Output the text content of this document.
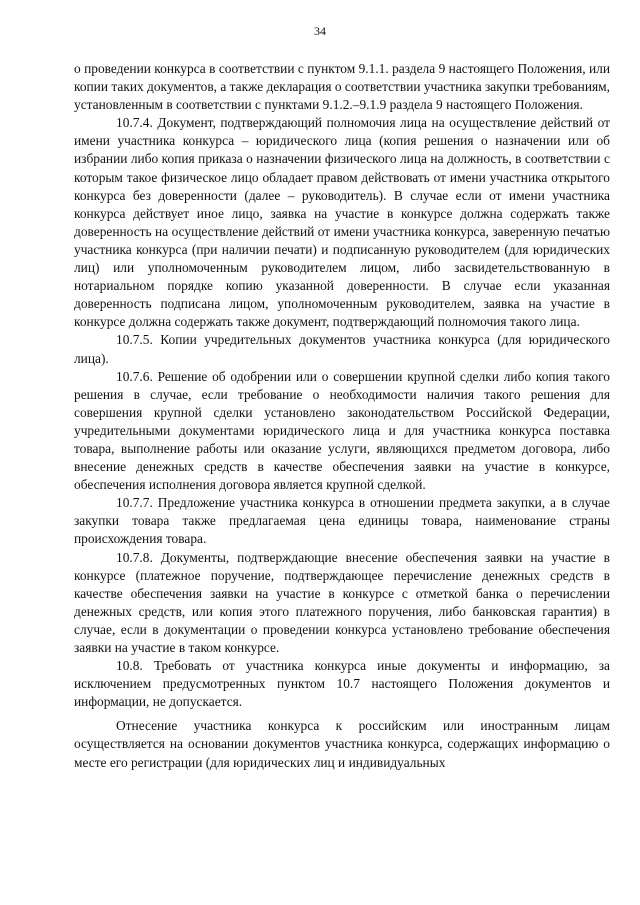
34

о проведении конкурса в соответствии с пунктом 9.1.1. раздела 9 настоящего Положения, или копии таких документов, а также декларация о соответствии участника закупки требованиям, установленным в соответствии с пунктами 9.1.2.–9.1.9 раздела 9 настоящего Положения.

10.7.4. Документ, подтверждающий полномочия лица на осуществление действий от имени участника конкурса – юридического лица (копия решения о назначении или об избрании либо копия приказа о назначении физического лица на должность, в соответствии с которым такое физическое лицо обладает правом действовать от имени участника открытого конкурса без доверенности (далее – руководитель). В случае если от имени участника конкурса действует иное лицо, заявка на участие в конкурсе должна содержать также доверенность на осуществление действий от имени участника конкурса, заверенную печатью участника конкурса (при наличии печати) и подписанную руководителем (для юридических лиц) или уполномоченным руководителем лицом, либо засвидетельствованную в нотариальном порядке копию указанной доверенности. В случае если указанная доверенность подписана лицом, уполномоченным руководителем, заявка на участие в конкурсе должна содержать также документ, подтверждающий полномочия такого лица.

10.7.5. Копии учредительных документов участника конкурса (для юридического лица).

10.7.6. Решение об одобрении или о совершении крупной сделки либо копия такого решения в случае, если требование о необходимости наличия такого решения для совершения крупной сделки установлено законодательством Российской Федерации, учредительными документами юридического лица и для участника конкурса поставка товара, выполнение работы или оказание услуги, являющихся предметом договора, либо внесение денежных средств в качестве обеспечения заявки на участие в конкурсе, обеспечения исполнения договора является крупной сделкой.

10.7.7. Предложение участника конкурса в отношении предмета закупки, а в случае закупки товара также предлагаемая цена единицы товара, наименование страны происхождения товара.

10.7.8. Документы, подтверждающие внесение обеспечения заявки на участие в конкурсе (платежное поручение, подтверждающее перечисление денежных средств в качестве обеспечения заявки на участие в конкурсе с отметкой банка о перечислении денежных средств, или копия этого платежного поручения, либо банковская гарантия) в случае, если в документации о проведении конкурса установлено требование обеспечения заявки на участие в таком конкурсе.

10.8. Требовать от участника конкурса иные документы и информацию, за исключением предусмотренных пунктом 10.7 настоящего Положения документов и информации, не допускается.

Отнесение участника конкурса к российским или иностранным лицам осуществляется на основании документов участника конкурса, содержащих информацию о месте его регистрации (для юридических лиц и индивидуальных
